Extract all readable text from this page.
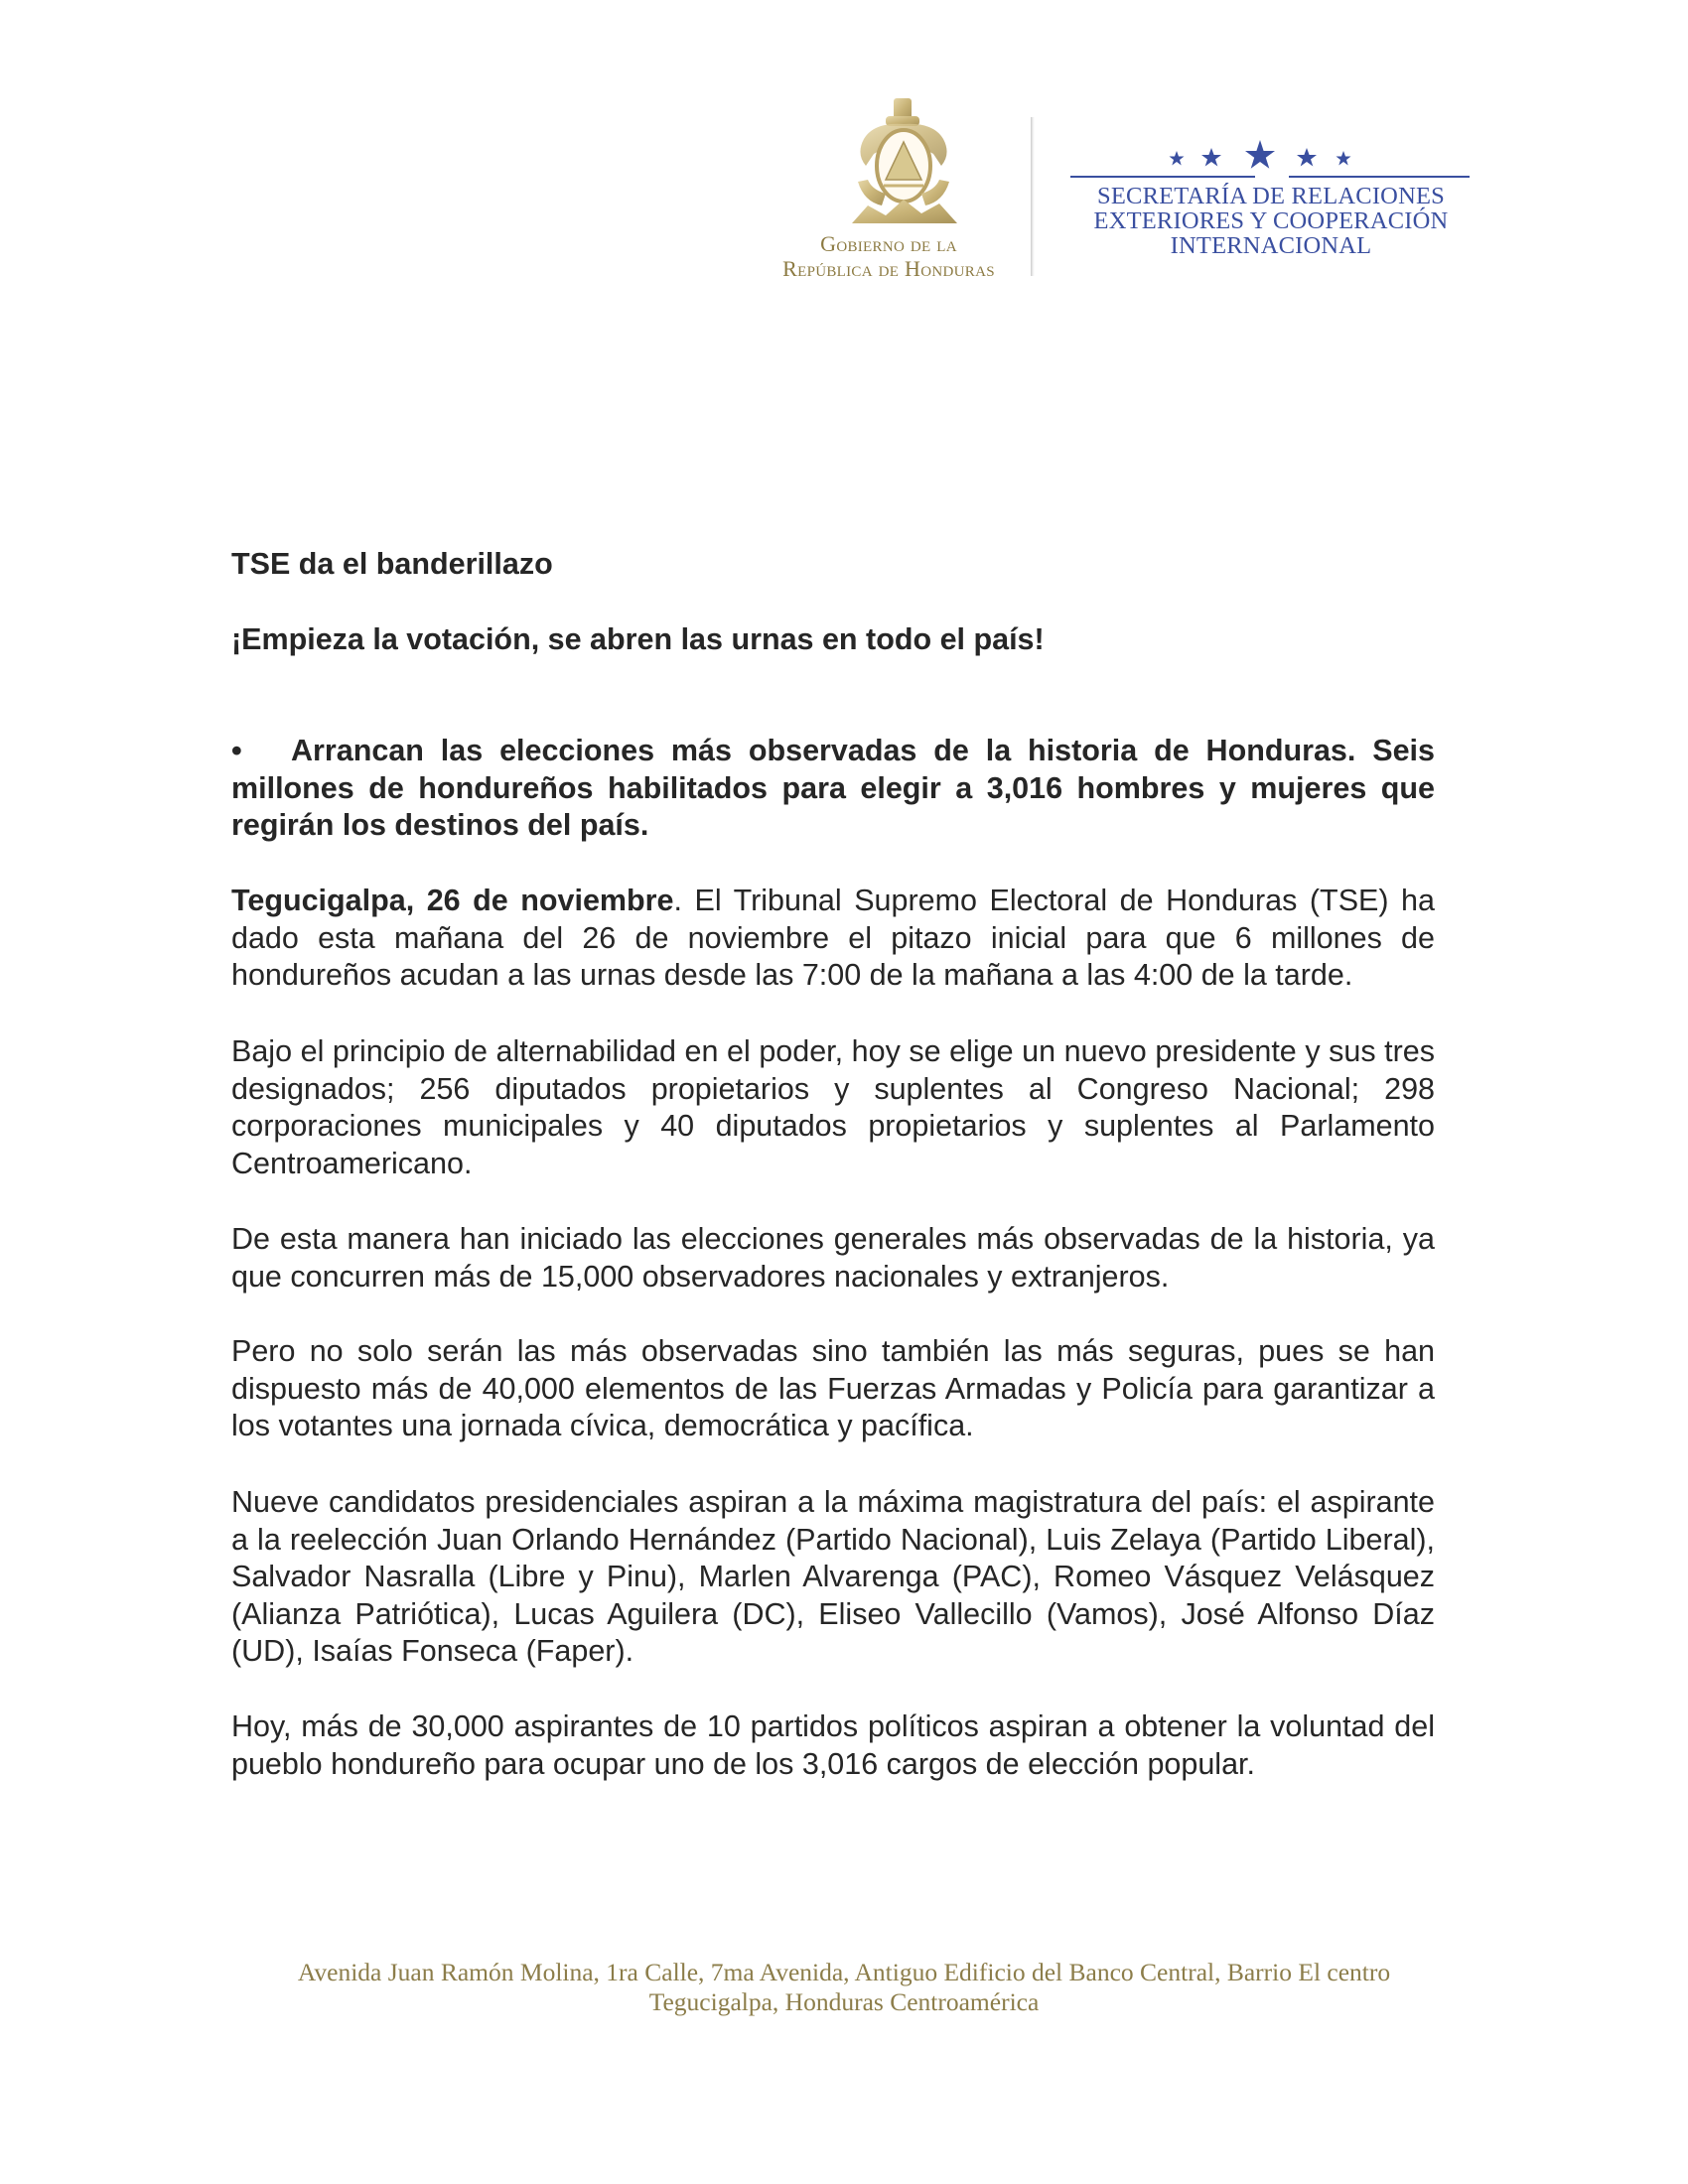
Gobierno de la
República de Honduras
SECRETARÍA DE RELACIONES
EXTERIORES Y COOPERACIÓN
INTERNACIONAL
TSE da el banderillazo
¡Empieza la votación, se abren las urnas en todo el país!
• Arrancan las elecciones más observadas de la historia de Honduras. Seis millones de hondureños habilitados para elegir a 3,016 hombres y mujeres que regirán los destinos del país.
Tegucigalpa, 26 de noviembre. El Tribunal Supremo Electoral de Honduras (TSE) ha dado esta mañana del 26 de noviembre el pitazo inicial para que 6 millones de hondureños acudan a las urnas desde las 7:00 de la mañana a las 4:00 de la tarde.
Bajo el principio de alternabilidad en el poder, hoy se elige un nuevo presidente y sus tres designados; 256 diputados propietarios y suplentes al Congreso Nacional; 298 corporaciones municipales y 40 diputados propietarios y suplentes al Parlamento Centroamericano.
De esta manera han iniciado las elecciones generales más observadas de la historia, ya que concurren más de 15,000 observadores nacionales y extranjeros.
Pero no solo serán las más observadas sino también las más seguras, pues se han dispuesto más de 40,000 elementos de las Fuerzas Armadas y Policía para garantizar a los votantes una jornada cívica, democrática y pacífica.
Nueve candidatos presidenciales aspiran a la máxima magistratura del país: el aspirante a la reelección Juan Orlando Hernández (Partido Nacional), Luis Zelaya (Partido Liberal), Salvador Nasralla (Libre y Pinu), Marlen Alvarenga (PAC), Romeo Vásquez Velásquez (Alianza Patriótica), Lucas Aguilera (DC), Eliseo Vallecillo (Vamos), José Alfonso Díaz (UD), Isaías Fonseca (Faper).
Hoy, más de 30,000 aspirantes de 10 partidos políticos aspiran a obtener la voluntad del pueblo hondureño para ocupar uno de los 3,016 cargos de elección popular.
Avenida Juan Ramón Molina, 1ra Calle, 7ma Avenida, Antiguo Edificio del Banco Central, Barrio El centro
Tegucigalpa, Honduras Centroamérica
